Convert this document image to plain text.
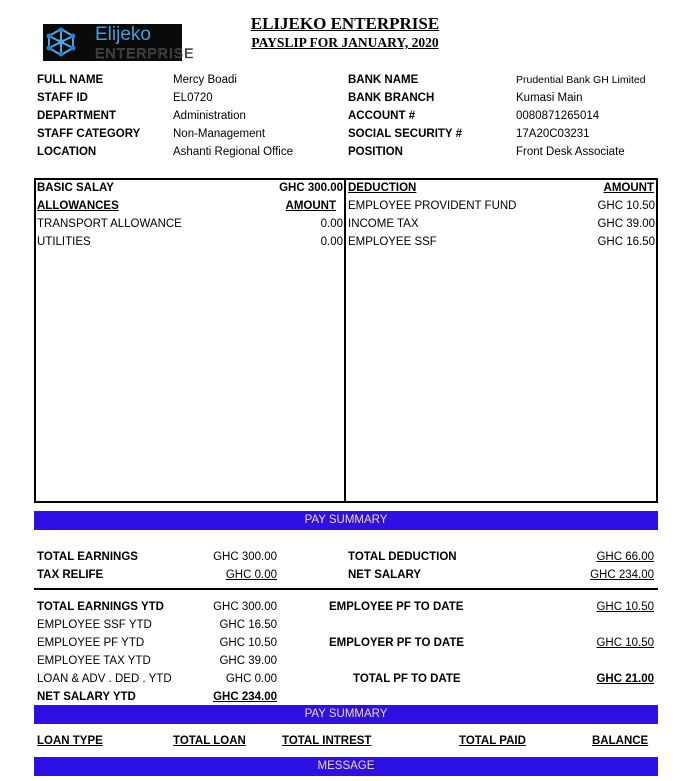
Elijeko
ENTERPRISE
ELIJEKO ENTERPRISE
PAYSLIP FOR JANUARY, 2020
FULL NAME	Mercy Boadi
STAFF ID	EL0720
DEPARTMENT	Administration
STAFF CATEGORY	Non-Management
LOCATION	Ashanti Regional Office
BANK NAME	Prudential Bank GH Limited
BANK BRANCH	Kumasi Main
ACCOUNT #	0080871265014
SOCIAL SECURITY #	17A20C03231
POSITION	Front Desk Associate
BASIC SALAY	GHC 300.00
ALLOWANCES	AMOUNT
TRANSPORT ALLOWANCE	0.00
UTILITIES	0.00
DEDUCTION	AMOUNT
EMPLOYEE PROVIDENT FUND	GHC 10.50
INCOME TAX	GHC 39.00
EMPLOYEE SSF	GHC 16.50
PAY SUMMARY
TOTAL EARNINGS	GHC 300.00
TAX RELIFE	GHC 0.00
TOTAL DEDUCTION	GHC 66.00
NET SALARY	GHC 234.00
TOTAL EARNINGS YTD	GHC 300.00
EMPLOYEE SSF YTD	GHC 16.50
EMPLOYEE PF YTD	GHC 10.50
EMPLOYEE TAX YTD	GHC 39.00
LOAN & ADV . DED . YTD	GHC 0.00
NET SALARY YTD	GHC 234.00
EMPLOYEE PF TO DATE	GHC 10.50
EMPLOYER PF TO DATE	GHC 10.50
TOTAL PF TO DATE	GHC 21.00
PAY SUMMARY
LOAN TYPE	TOTAL LOAN	TOTAL INTREST	TOTAL PAID	BALANCE
MESSAGE
